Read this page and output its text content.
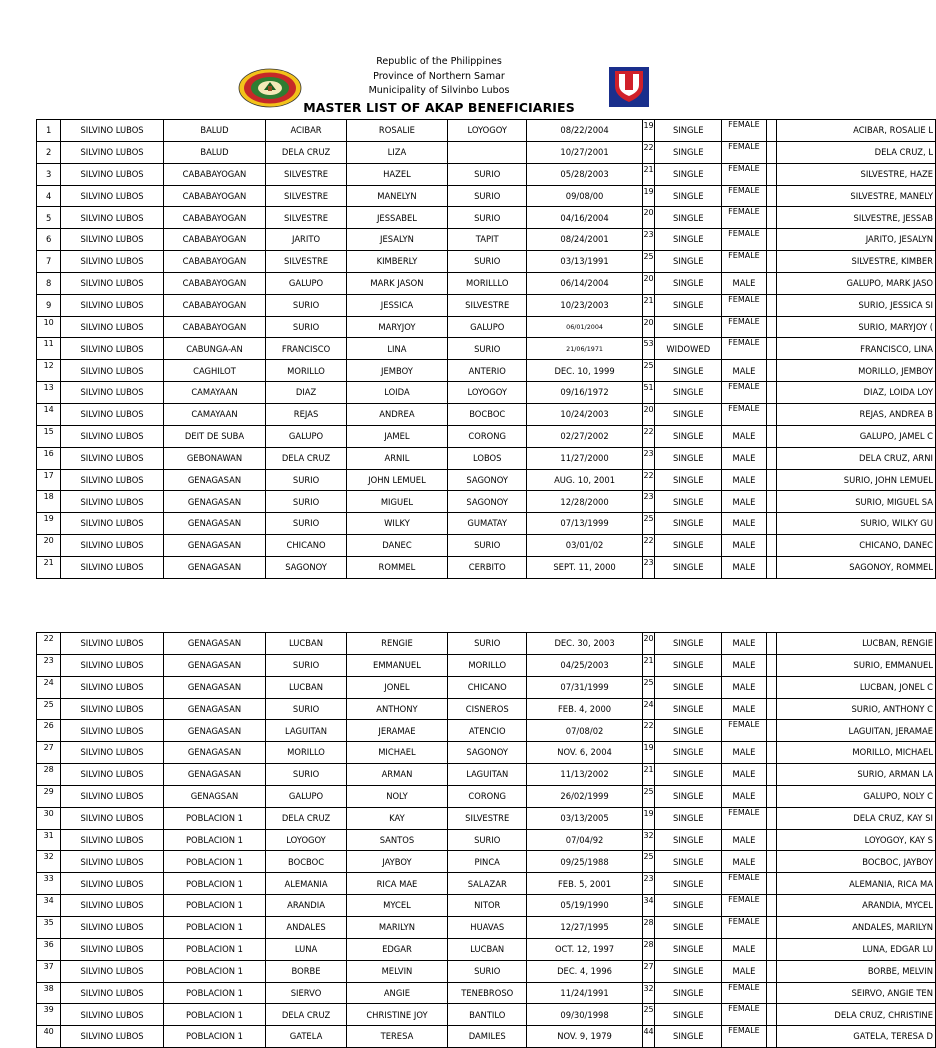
Republic of the Philippines
Province of Northern Samar
Municipality of Silvinbo Lubos
MASTER LIST OF AKAP BENEFICIARIES
1	SILVINO LUBOS	BALUD	ACIBAR	ROSALIE	LOYOGOY	08/22/2004	19	SINGLE	FEMALE		ACIBAR, ROSALIE L
2	SILVINO LUBOS	BALUD	DELA CRUZ	LIZA		10/27/2001	22	SINGLE	FEMALE		DELA CRUZ, L
3	SILVINO LUBOS	CABABAYOGAN	SILVESTRE	HAZEL	SURIO	05/28/2003	21	SINGLE	FEMALE		SILVESTRE, HAZE
4	SILVINO LUBOS	CABABAYOGAN	SILVESTRE	MANELYN	SURIO	09/08/00	19	SINGLE	FEMALE		SILVESTRE, MANELY
5	SILVINO LUBOS	CABABAYOGAN	SILVESTRE	JESSABEL	SURIO	04/16/2004	20	SINGLE	FEMALE		SILVESTRE, JESSAB
6	SILVINO LUBOS	CABABAYOGAN	JARITO	JESALYN	TAPIT	08/24/2001	23	SINGLE	FEMALE		JARITO, JESALYN
7	SILVINO LUBOS	CABABAYOGAN	SILVESTRE	KIMBERLY	SURIO	03/13/1991	25	SINGLE	FEMALE		SILVESTRE, KIMBER
8	SILVINO LUBOS	CABABAYOGAN	GALUPO	MARK JASON	MORILLLO	06/14/2004	20	SINGLE	MALE		GALUPO, MARK JASO
9	SILVINO LUBOS	CABABAYOGAN	SURIO	JESSICA	SILVESTRE	10/23/2003	21	SINGLE	FEMALE		SURIO, JESSICA SI
10	SILVINO LUBOS	CABABAYOGAN	SURIO	MARYJOY	GALUPO	06/01/2004	20	SINGLE	FEMALE		SURIO, MARYJOY (
11	SILVINO LUBOS	CABUNGA-AN	FRANCISCO	LINA	SURIO	21/06/1971	53	WIDOWED	FEMALE		FRANCISCO, LINA
12	SILVINO LUBOS	CAGHILOT	MORILLO	JEMBOY	ANTERIO	DEC. 10, 1999	25	SINGLE	MALE		MORILLO, JEMBOY
13	SILVINO LUBOS	CAMAYAAN	DIAZ	LOIDA	LOYOGOY	09/16/1972	51	SINGLE	FEMALE		DIAZ, LOIDA LOY
14	SILVINO LUBOS	CAMAYAAN	REJAS	ANDREA	BOCBOC	10/24/2003	20	SINGLE	FEMALE		REJAS, ANDREA B
15	SILVINO LUBOS	DEIT DE SUBA	GALUPO	JAMEL	CORONG	02/27/2002	22	SINGLE	MALE		GALUPO, JAMEL C
16	SILVINO LUBOS	GEBONAWAN	DELA CRUZ	ARNIL	LOBOS	11/27/2000	23	SINGLE	MALE		DELA CRUZ, ARNI
17	SILVINO LUBOS	GENAGASAN	SURIO	JOHN LEMUEL	SAGONOY	AUG. 10, 2001	22	SINGLE	MALE		SURIO, JOHN LEMUEL
18	SILVINO LUBOS	GENAGASAN	SURIO	MIGUEL	SAGONOY	12/28/2000	23	SINGLE	MALE		SURIO, MIGUEL SA
19	SILVINO LUBOS	GENAGASAN	SURIO	WILKY	GUMATAY	07/13/1999	25	SINGLE	MALE		SURIO, WILKY GU
20	SILVINO LUBOS	GENAGASAN	CHICANO	DANEC	SURIO	03/01/02	22	SINGLE	MALE		CHICANO, DANEC
21	SILVINO LUBOS	GENAGASAN	SAGONOY	ROMMEL	CERBITO	SEPT. 11, 2000	23	SINGLE	MALE		SAGONOY, ROMMEL
22	SILVINO LUBOS	GENAGASAN	LUCBAN	RENGIE	SURIO	DEC. 30, 2003	20	SINGLE	MALE		LUCBAN, RENGIE
23	SILVINO LUBOS	GENAGASAN	SURIO	EMMANUEL	MORILLO	04/25/2003	21	SINGLE	MALE		SURIO, EMMANUEL
24	SILVINO LUBOS	GENAGASAN	LUCBAN	JONEL	CHICANO	07/31/1999	25	SINGLE	MALE		LUCBAN, JONEL C
25	SILVINO LUBOS	GENAGASAN	SURIO	ANTHONY	CISNEROS	FEB. 4, 2000	24	SINGLE	MALE		SURIO, ANTHONY C
26	SILVINO LUBOS	GENAGASAN	LAGUITAN	JERAMAE	ATENCIO	07/08/02	22	SINGLE	FEMALE		LAGUITAN, JERAMAE
27	SILVINO LUBOS	GENAGASAN	MORILLO	MICHAEL	SAGONOY	NOV. 6, 2004	19	SINGLE	MALE		MORILLO, MICHAEL
28	SILVINO LUBOS	GENAGASAN	SURIO	ARMAN	LAGUITAN	11/13/2002	21	SINGLE	MALE		SURIO, ARMAN LA
29	SILVINO LUBOS	GENAGSAN	GALUPO	NOLY	CORONG	26/02/1999	25	SINGLE	MALE		GALUPO, NOLY C
30	SILVINO LUBOS	POBLACION 1	DELA CRUZ	KAY	SILVESTRE	03/13/2005	19	SINGLE	FEMALE		DELA CRUZ, KAY SI
31	SILVINO LUBOS	POBLACION 1	LOYOGOY	SANTOS	SURIO	07/04/92	32	SINGLE	MALE		LOYOGOY, KAY S
32	SILVINO LUBOS	POBLACION 1	BOCBOC	JAYBOY	PINCA	09/25/1988	25	SINGLE	MALE		BOCBOC, JAYBOY
33	SILVINO LUBOS	POBLACION 1	ALEMANIA	RICA MAE	SALAZAR	FEB. 5, 2001	23	SINGLE	FEMALE		ALEMANIA, RICA MA
34	SILVINO LUBOS	POBLACION 1	ARANDIA	MYCEL	NITOR	05/19/1990	34	SINGLE	FEMALE		ARANDIA, MYCEL
35	SILVINO LUBOS	POBLACION 1	ANDALES	MARILYN	HUAVAS	12/27/1995	28	SINGLE	FEMALE		ANDALES, MARILYN
36	SILVINO LUBOS	POBLACION 1	LUNA	EDGAR	LUCBAN	OCT. 12, 1997	28	SINGLE	MALE		LUNA, EDGAR LU
37	SILVINO LUBOS	POBLACION 1	BORBE	MELVIN	SURIO	DEC. 4, 1996	27	SINGLE	MALE		BORBE, MELVIN
38	SILVINO LUBOS	POBLACION 1	SIERVO	ANGIE	TENEBROSO	11/24/1991	32	SINGLE	FEMALE		SEIRVO, ANGIE TEN
39	SILVINO LUBOS	POBLACION 1	DELA CRUZ	CHRISTINE JOY	BANTILO	09/30/1998	25	SINGLE	FEMALE		DELA CRUZ, CHRISTINE
40	SILVINO LUBOS	POBLACION 1	GATELA	TERESA	DAMILES	NOV. 9, 1979	44	SINGLE	FEMALE		GATELA, TERESA D
